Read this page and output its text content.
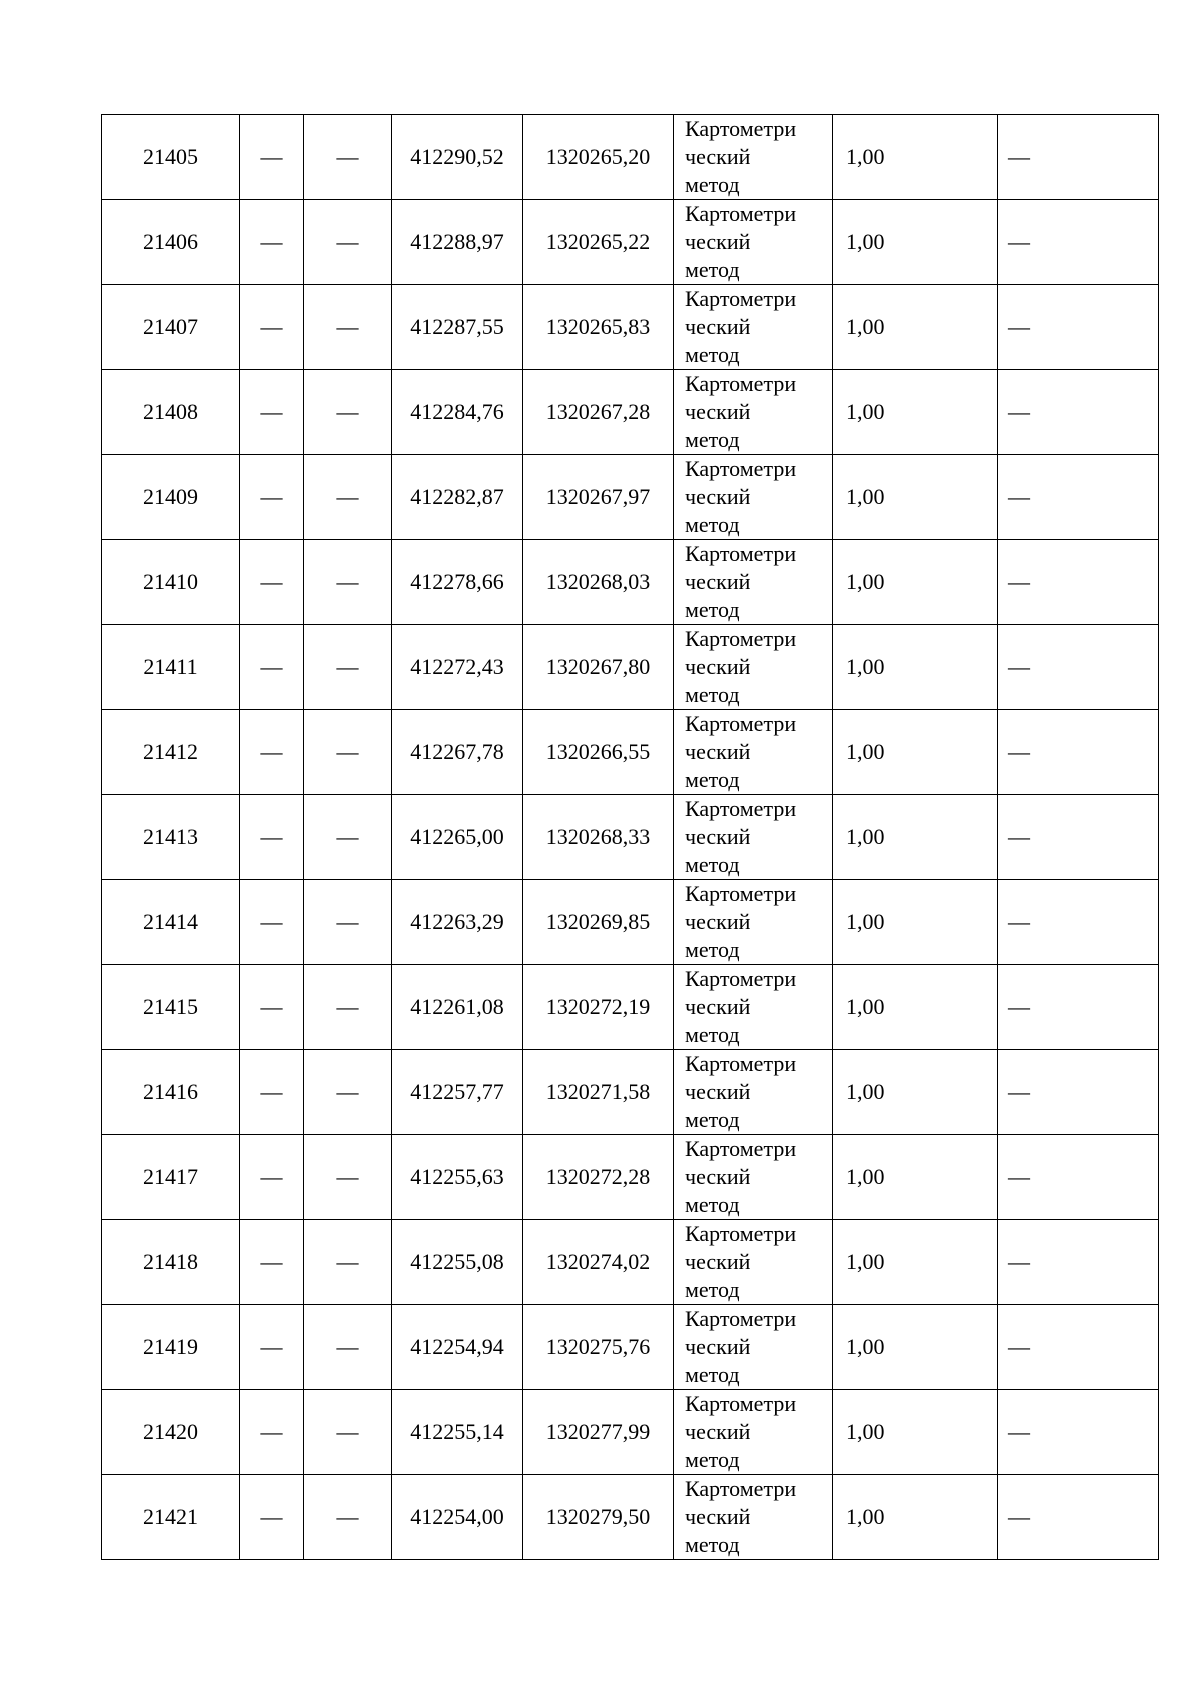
21405	—	—	412290,52	1320265,20	Картометри
ческий
метод	1,00	—
21406	—	—	412288,97	1320265,22	Картометри
ческий
метод	1,00	—
21407	—	—	412287,55	1320265,83	Картометри
ческий
метод	1,00	—
21408	—	—	412284,76	1320267,28	Картометри
ческий
метод	1,00	—
21409	—	—	412282,87	1320267,97	Картометри
ческий
метод	1,00	—
21410	—	—	412278,66	1320268,03	Картометри
ческий
метод	1,00	—
21411	—	—	412272,43	1320267,80	Картометри
ческий
метод	1,00	—
21412	—	—	412267,78	1320266,55	Картометри
ческий
метод	1,00	—
21413	—	—	412265,00	1320268,33	Картометри
ческий
метод	1,00	—
21414	—	—	412263,29	1320269,85	Картометри
ческий
метод	1,00	—
21415	—	—	412261,08	1320272,19	Картометри
ческий
метод	1,00	—
21416	—	—	412257,77	1320271,58	Картометри
ческий
метод	1,00	—
21417	—	—	412255,63	1320272,28	Картометри
ческий
метод	1,00	—
21418	—	—	412255,08	1320274,02	Картометри
ческий
метод	1,00	—
21419	—	—	412254,94	1320275,76	Картометри
ческий
метод	1,00	—
21420	—	—	412255,14	1320277,99	Картометри
ческий
метод	1,00	—
21421	—	—	412254,00	1320279,50	Картометри
ческий
метод	1,00	—
